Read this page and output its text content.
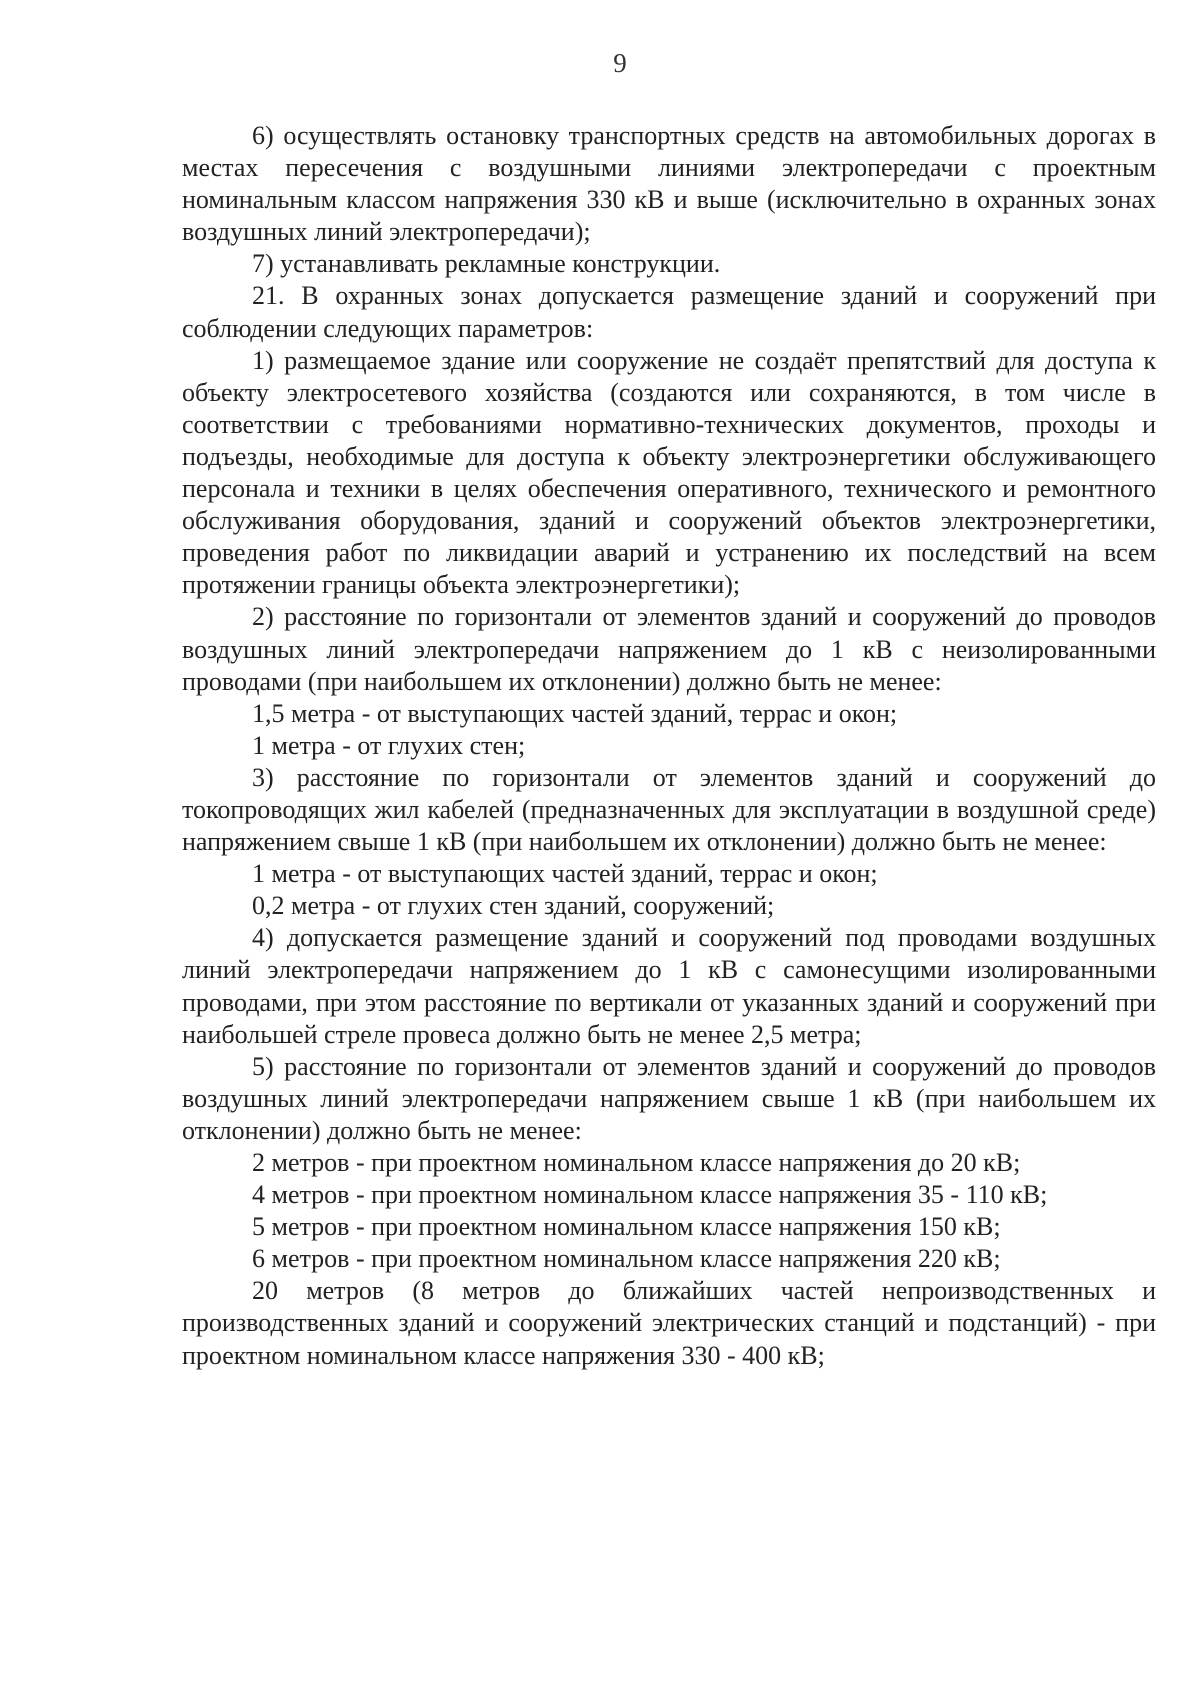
9

6) осуществлять остановку транспортных средств на автомобильных дорогах в местах пересечения с воздушными линиями электропередачи с проектным номинальным классом напряжения 330 кВ и выше (исключительно в охранных зонах воздушных линий электропередачи);

7) устанавливать рекламные конструкции.

21. В охранных зонах допускается размещение зданий и сооружений при соблюдении следующих параметров:

1) размещаемое здание или сооружение не создаёт препятствий для доступа к объекту электросетевого хозяйства (создаются или сохраняются, в том числе в соответствии с требованиями нормативно-технических документов, проходы и подъезды, необходимые для доступа к объекту электроэнергетики обслуживающего персонала и техники в целях обеспечения оперативного, технического и ремонтного обслуживания оборудования, зданий и сооружений объектов электроэнергетики, проведения работ по ликвидации аварий и устранению их последствий на всем протяжении границы объекта электроэнергетики);

2) расстояние по горизонтали от элементов зданий и сооружений до проводов воздушных линий электропередачи напряжением до 1 кВ с неизолированными проводами (при наибольшем их отклонении) должно быть не менее:

1,5 метра - от выступающих частей зданий, террас и окон;

1 метра - от глухих стен;

3) расстояние по горизонтали от элементов зданий и сооружений до токопроводящих жил кабелей (предназначенных для эксплуатации в воздушной среде) напряжением свыше 1 кВ (при наибольшем их отклонении) должно быть не менее:

1 метра - от выступающих частей зданий, террас и окон;

0,2 метра - от глухих стен зданий, сооружений;

4) допускается размещение зданий и сооружений под проводами воздушных линий электропередачи напряжением до 1 кВ с самонесущими изолированными проводами, при этом расстояние по вертикали от указанных зданий и сооружений при наибольшей стреле провеса должно быть не менее 2,5 метра;

5) расстояние по горизонтали от элементов зданий и сооружений до проводов воздушных линий электропередачи напряжением свыше 1 кВ (при наибольшем их отклонении) должно быть не менее:

2 метров - при проектном номинальном классе напряжения до 20 кВ;

4 метров - при проектном номинальном классе напряжения 35 - 110 кВ;

5 метров - при проектном номинальном классе напряжения 150 кВ;

6 метров - при проектном номинальном классе напряжения 220 кВ;

20 метров (8 метров до ближайших частей непроизводственных и производственных зданий и сооружений электрических станций и подстанций) - при проектном номинальном классе напряжения 330 - 400 кВ;
